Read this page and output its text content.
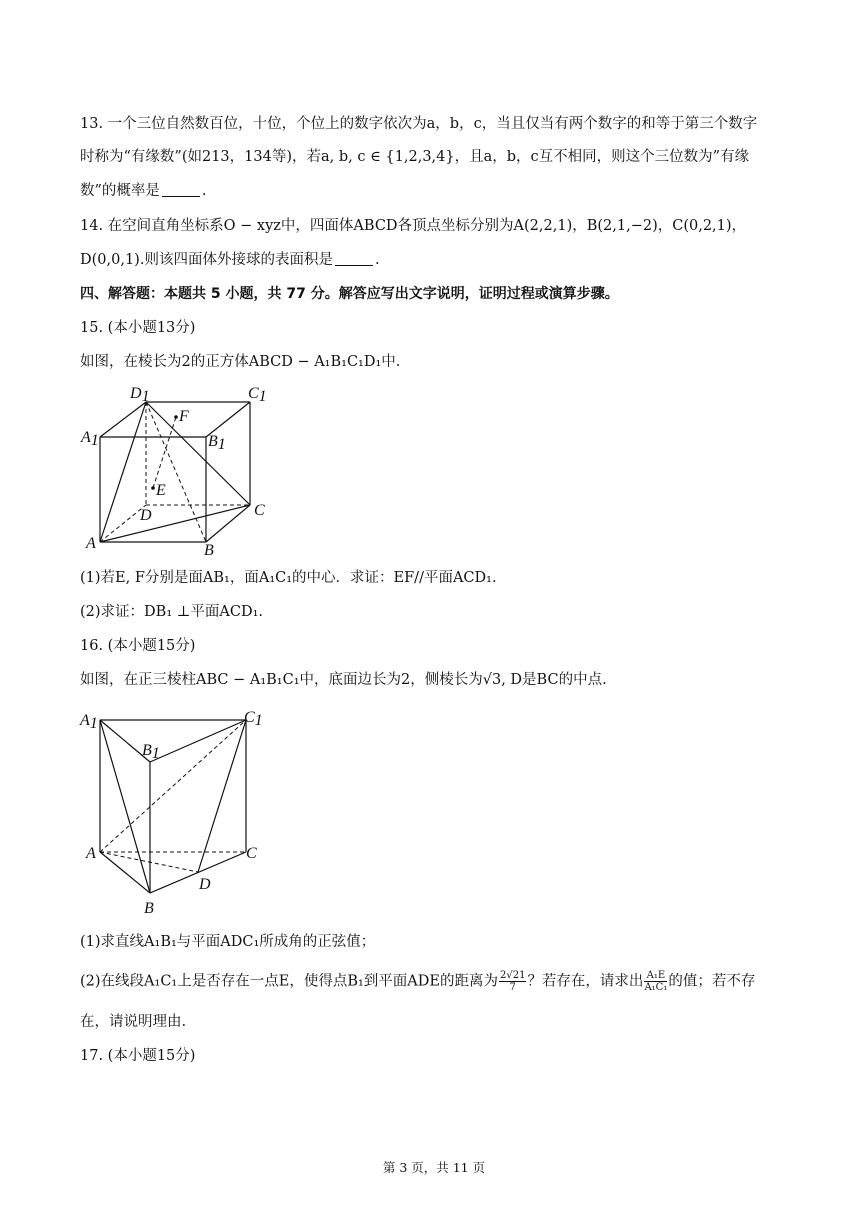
13. 一个三位自然数百位，十位，个位上的数字依次为a，b，c，当且仅当有两个数字的和等于第三个数字
时称为“有缘数”(如213，134等)，若a, b, c ∈ {1,2,3,4}，且a，b，c互不相同，则这个三位数为”有缘
数”的概率是	.
14. 在空间直角坐标系O − xyz中，四面体ABCD各顶点坐标分别为A(2,2,1)，B(2,1,−2)，C(0,2,1)，
D(0,0,1).则该四面体外接球的表面积是	.
四、解答题：本题共 5 小题，共 77 分。解答应写出文字说明，证明过程或演算步骤。
15. (本小题13分)
如图，在棱长为2的正方体ABCD − A₁B₁C₁D₁中.
D1	C1
A1	B1
F
E
D	C
A	B
(1)若E, F分别是面AB₁，面A₁C₁的中心．求证：EF//平面ACD₁.
(2)求证：DB₁ ⊥平面ACD₁.
16. (本小题15分)
如图，在正三棱柱ABC − A₁B₁C₁中，底面边长为2，侧棱长为√3, D是BC的中点.
A1	C1
B1
A	C
D
B
(1)求直线A₁B₁与平面ADC₁所成角的正弦值；
(2)在线段A₁C₁上是否存在一点E，使得点B₁到平面ADE的距离为 $\frac{2√21}{7}$ ？若存在，请求出 $\frac{\text{A₁E}}{\text{A₁C₁}}$ 的值；若不存
在，请说明理由.
17. (本小题15分)
第 3 页，共 11 页
